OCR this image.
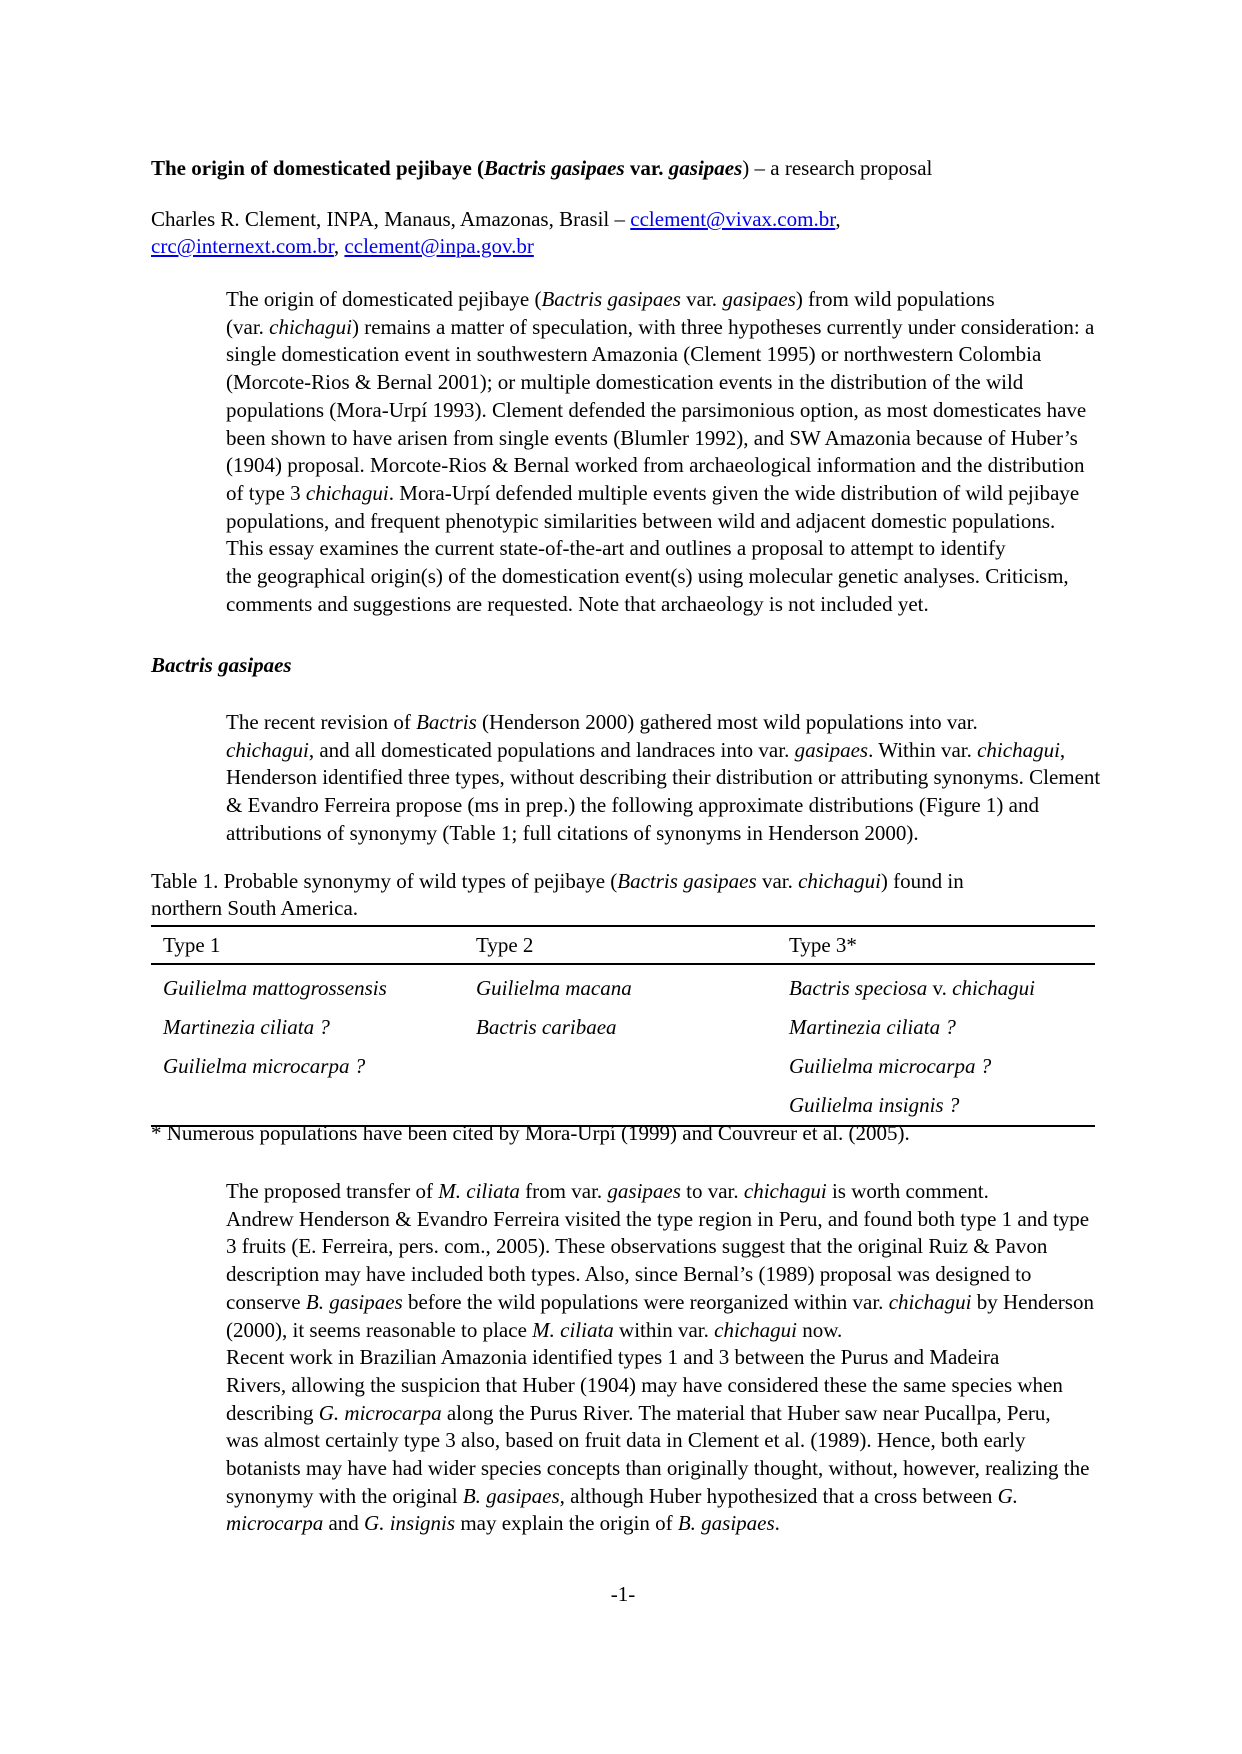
The origin of domesticated pejibaye (Bactris gasipaes var. gasipaes) – a research proposal

Charles R. Clement, INPA, Manaus, Amazonas, Brasil – cclement@vivax.com.br,

crc@internext.com.br, cclement@inpa.gov.br

The origin of domesticated pejibaye (Bactris gasipaes var. gasipaes) from wild populations
(var. chichagui) remains a matter of speculation, with three hypotheses currently under consideration: a
single domestication event in southwestern Amazonia (Clement 1995) or northwestern Colombia
(Morcote-Rios & Bernal 2001); or multiple domestication events in the distribution of the wild
populations (Mora-Urpí 1993). Clement defended the parsimonious option, as most domesticates have
been shown to have arisen from single events (Blumler 1992), and SW Amazonia because of Huber’s
(1904) proposal. Morcote-Rios & Bernal worked from archaeological information and the distribution
of type 3 chichagui. Mora-Urpí defended multiple events given the wide distribution of wild pejibaye
populations, and frequent phenotypic similarities between wild and adjacent domestic populations.

This essay examines the current state-of-the-art and outlines a proposal to attempt to identify
the geographical origin(s) of the domestication event(s) using molecular genetic analyses. Criticism,
comments and suggestions are requested. Note that archaeology is not included yet.

Bactris gasipaes

The recent revision of Bactris (Henderson 2000) gathered most wild populations into var.
chichagui, and all domesticated populations and landraces into var. gasipaes. Within var. chichagui,
Henderson identified three types, without describing their distribution or attributing synonyms. Clement
& Evandro Ferreira propose (ms in prep.) the following approximate distributions (Figure 1) and
attributions of synonymy (Table 1; full citations of synonyms in Henderson 2000).

Table 1. Probable synonymy of wild types of pejibaye (Bactris gasipaes var. chichagui) found in
northern South America.
Type 1	Type 2	Type 3*
Guilielma mattogrossensis	Guilielma macana	Bactris speciosa v. chichagui
Martinezia ciliata ?	Bactris caribaea	Martinezia ciliata ?
Guilielma microcarpa ?		Guilielma microcarpa ?
		Guilielma insignis ?
* Numerous populations have been cited by Mora-Urpí (1999) and Couvreur et al. (2005).

The proposed transfer of M. ciliata from var. gasipaes to var. chichagui is worth comment.
Andrew Henderson & Evandro Ferreira visited the type region in Peru, and found both type 1 and type
3 fruits (E. Ferreira, pers. com., 2005). These observations suggest that the original Ruiz & Pavon
description may have included both types. Also, since Bernal’s (1989) proposal was designed to
conserve B. gasipaes before the wild populations were reorganized within var. chichagui by Henderson
(2000), it seems reasonable to place M. ciliata within var. chichagui now.

Recent work in Brazilian Amazonia identified types 1 and 3 between the Purus and Madeira
Rivers, allowing the suspicion that Huber (1904) may have considered these the same species when
describing G. microcarpa along the Purus River. The material that Huber saw near Pucallpa, Peru,
was almost certainly type 3 also, based on fruit data in Clement et al. (1989). Hence, both early
botanists may have had wider species concepts than originally thought, without, however, realizing the
synonymy with the original B. gasipaes, although Huber hypothesized that a cross between G.
microcarpa and G. insignis may explain the origin of B. gasipaes.

-1-
